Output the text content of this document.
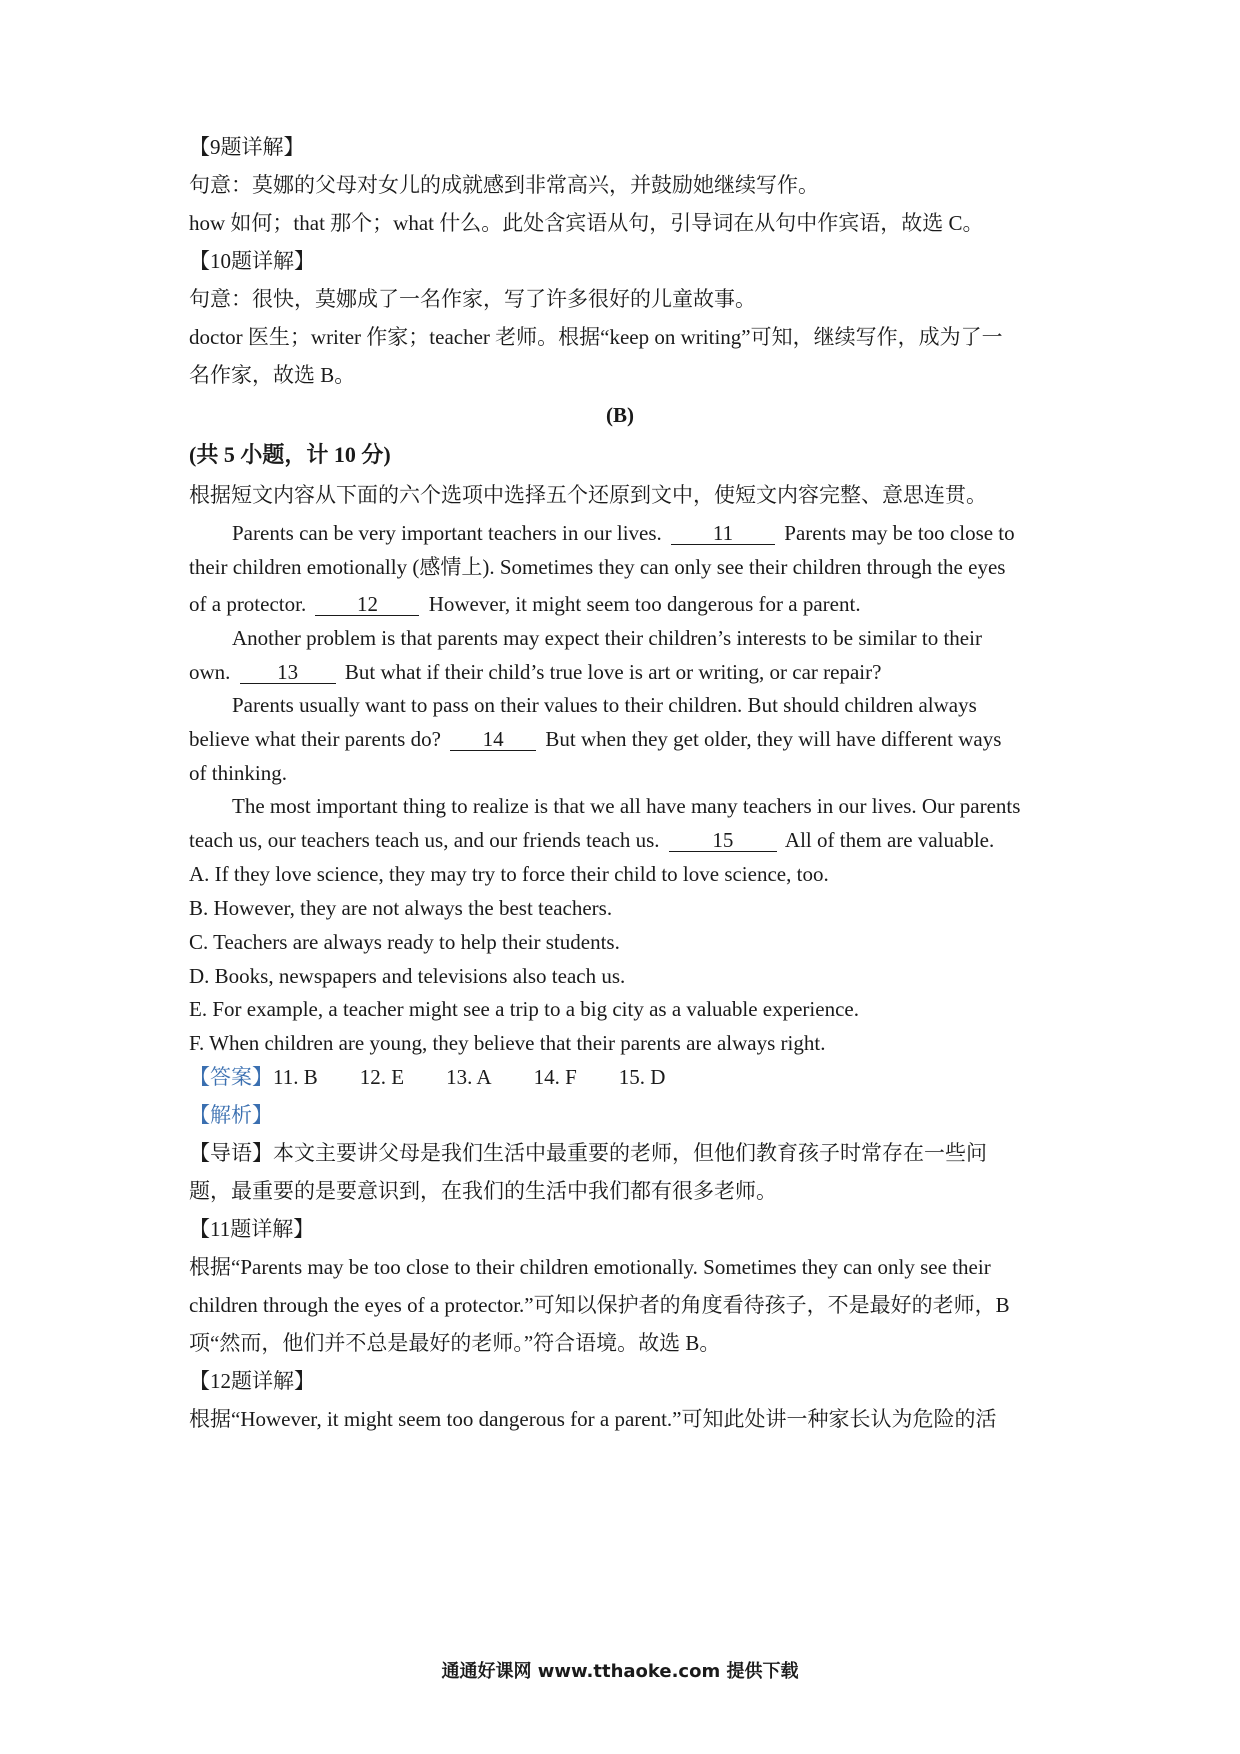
【9题详解】
句意：莫娜的父母对女儿的成就感到非常高兴，并鼓励她继续写作。
how 如何；that 那个；what 什么。此处含宾语从句，引导词在从句中作宾语，故选 C。
【10题详解】
句意：很快，莫娜成了一名作家，写了许多很好的儿童故事。
doctor 医生；writer 作家；teacher 老师。根据“keep on writing”可知，继续写作，成为了一
名作家，故选 B。
(B)
(共 5 小题，计 10 分)
根据短文内容从下面的六个选项中选择五个还原到文中，使短文内容完整、意思连贯。
Parents can be very important teachers in our lives. 11 Parents may be too close to
their children emotionally (感情上). Sometimes they can only see their children through the eyes
of a protector. 12 However, it might seem too dangerous for a parent.
Another problem is that parents may expect their children’s interests to be similar to their
own. 13 But what if their child’s true love is art or writing, or car repair?
Parents usually want to pass on their values to their children. But should children always
believe what their parents do? 14 But when they get older, they will have different ways
of thinking.
The most important thing to realize is that we all have many teachers in our lives. Our parents
teach us, our teachers teach us, and our friends teach us.	15 All of them are valuable.
A. If they love science, they may try to force their child to love science, too.
B. However, they are not always the best teachers.
C. Teachers are always ready to help their students.
D. Books, newspapers and televisions also teach us.
E. For example, a teacher might see a trip to a big city as a valuable experience.
F. When children are young, they believe that their parents are always right.
【答案】11. B 12. E 13. A 14. F 15. D
【解析】
【导语】本文主要讲父母是我们生活中最重要的老师，但他们教育孩子时常存在一些问
题，最重要的是要意识到，在我们的生活中我们都有很多老师。
【11题详解】
根据“Parents may be too close to their children emotionally. Sometimes they can only see their
children through the eyes of a protector.”可知以保护者的角度看待孩子，不是最好的老师，B
项“然而，他们并不总是最好的老师。”符合语境。故选 B。
【12题详解】
根据“However, it might seem too dangerous for a parent.”可知此处讲一种家长认为危险的活
通通好课网 www.tthaoke.com 提供下载
